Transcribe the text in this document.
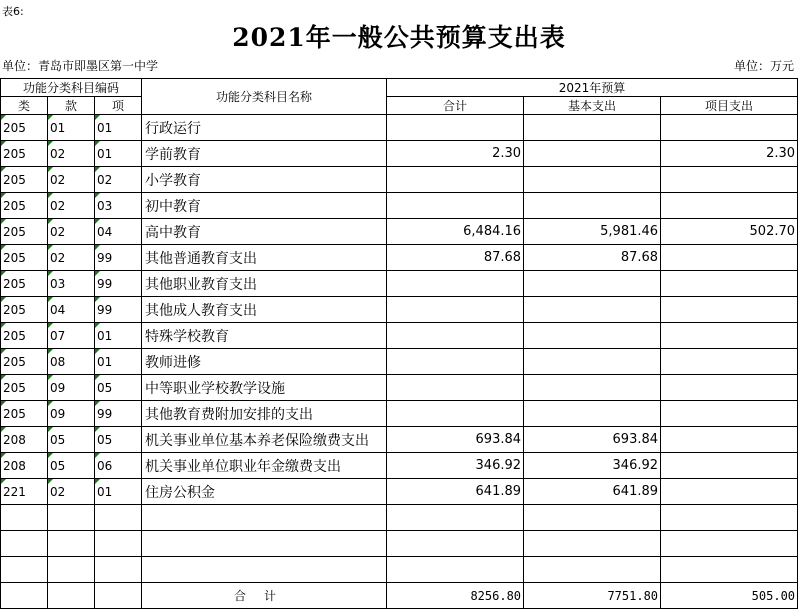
表6:
2021年一般公共预算支出表
单位：青岛市即墨区第一中学	单位：万元
功能分类科目编码			功能分类科目名称	2021年预算		
类	款	项		合计	基本支出	项目支出
205	01	01	行政运行			
205	02	01	学前教育	2.30		2.30
205	02	02	小学教育			
205	02	03	初中教育			
205	02	04	高中教育	6,484.16	5,981.46	502.70
205	02	99	其他普通教育支出	87.68	87.68	
205	03	99	其他职业教育支出			
205	04	99	其他成人教育支出			
205	07	01	特殊学校教育			
205	08	01	教师进修			
205	09	05	中等职业学校教学设施			
205	09	99	其他教育费附加安排的支出			
208	05	05	机关事业单位基本养老保险缴费支出	693.84	693.84	
208	05	06	机关事业单位职业年金缴费支出	346.92	346.92	
221	02	01	住房公积金	641.89	641.89	

			合计	8256.80	7751.80	505.00
